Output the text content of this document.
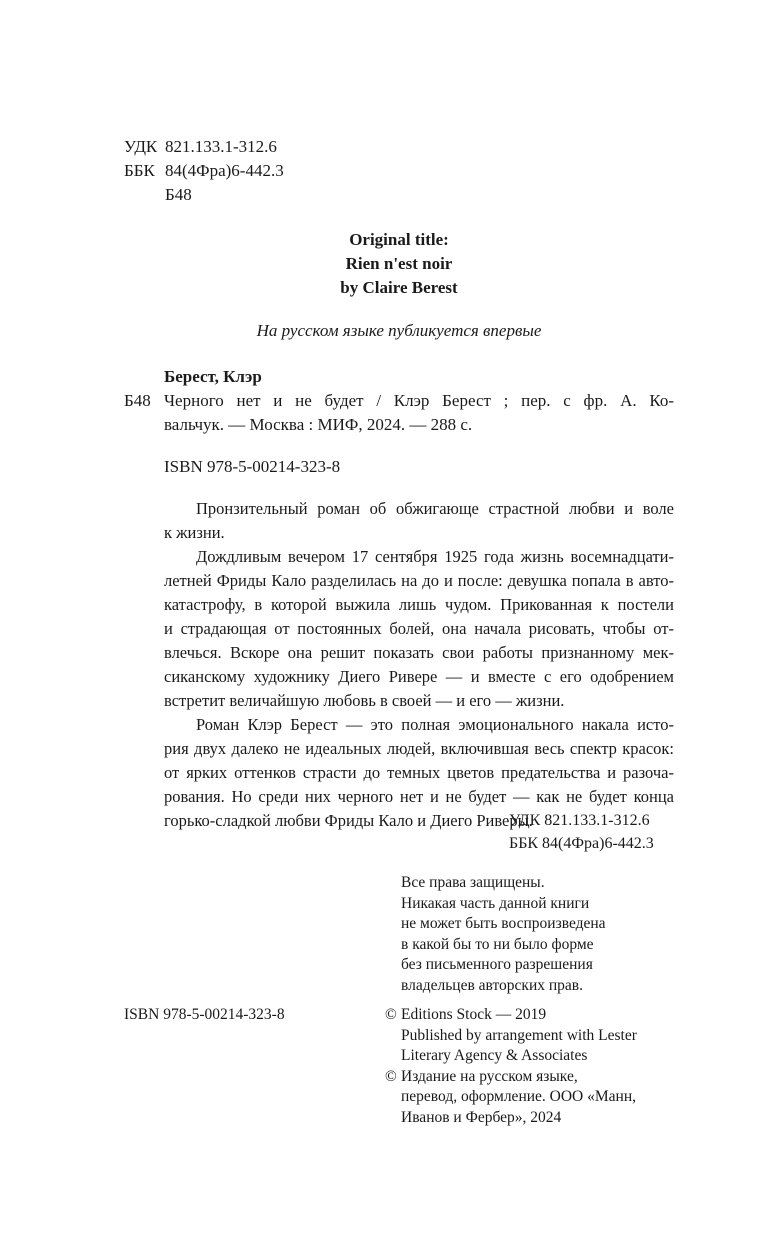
УДК 821.133.1-312.6
ББК 84(4Фра)6-442.3
Б48
Original title:
Rien n'est noir
by Claire Berest
На русском языке публикуется впервые
Берест, Клэр
Б48 Черного нет и не будет / Клэр Берест ; пер. с фр. А. Ко-
вальчук. — Москва : МИФ, 2024. — 288 с.
ISBN 978-5-00214-323-8
Пронзительный роман об обжигающе страстной любви и воле
к жизни.
Дождливым вечером 17 сентября 1925 года жизнь восемнадцати-
летней Фриды Кало разделилась на до и после: девушка попала в авто-
катастрофу, в которой выжила лишь чудом. Прикованная к постели
и страдающая от постоянных болей, она начала рисовать, чтобы от-
влечься. Вскоре она решит показать свои работы признанному мек-
сиканскому художнику Диего Ривере — и вместе с его одобрением
встретит величайшую любовь в своей — и его — жизни.
Роман Клэр Берест — это полная эмоционального накала исто-
рия двух далеко не идеальных людей, включившая весь спектр красок:
от ярких оттенков страсти до темных цветов предательства и разоча-
рования. Но среди них черного нет и не будет — как не будет конца
горько-сладкой любви Фриды Кало и Диего Риверы.
УДК 821.133.1-312.6
ББК 84(4Фра)6-442.3
Все права защищены.
Никакая часть данной книги
не может быть воспроизведена
в какой бы то ни было форме
без письменного разрешения
владельцев авторских прав.
ISBN 978-5-00214-323-8	© Editions Stock — 2019
Published by arrangement with Lester
Literary Agency & Associates
© Издание на русском языке,
перевод, оформление. ООО «Манн,
Иванов и Фербер», 2024
